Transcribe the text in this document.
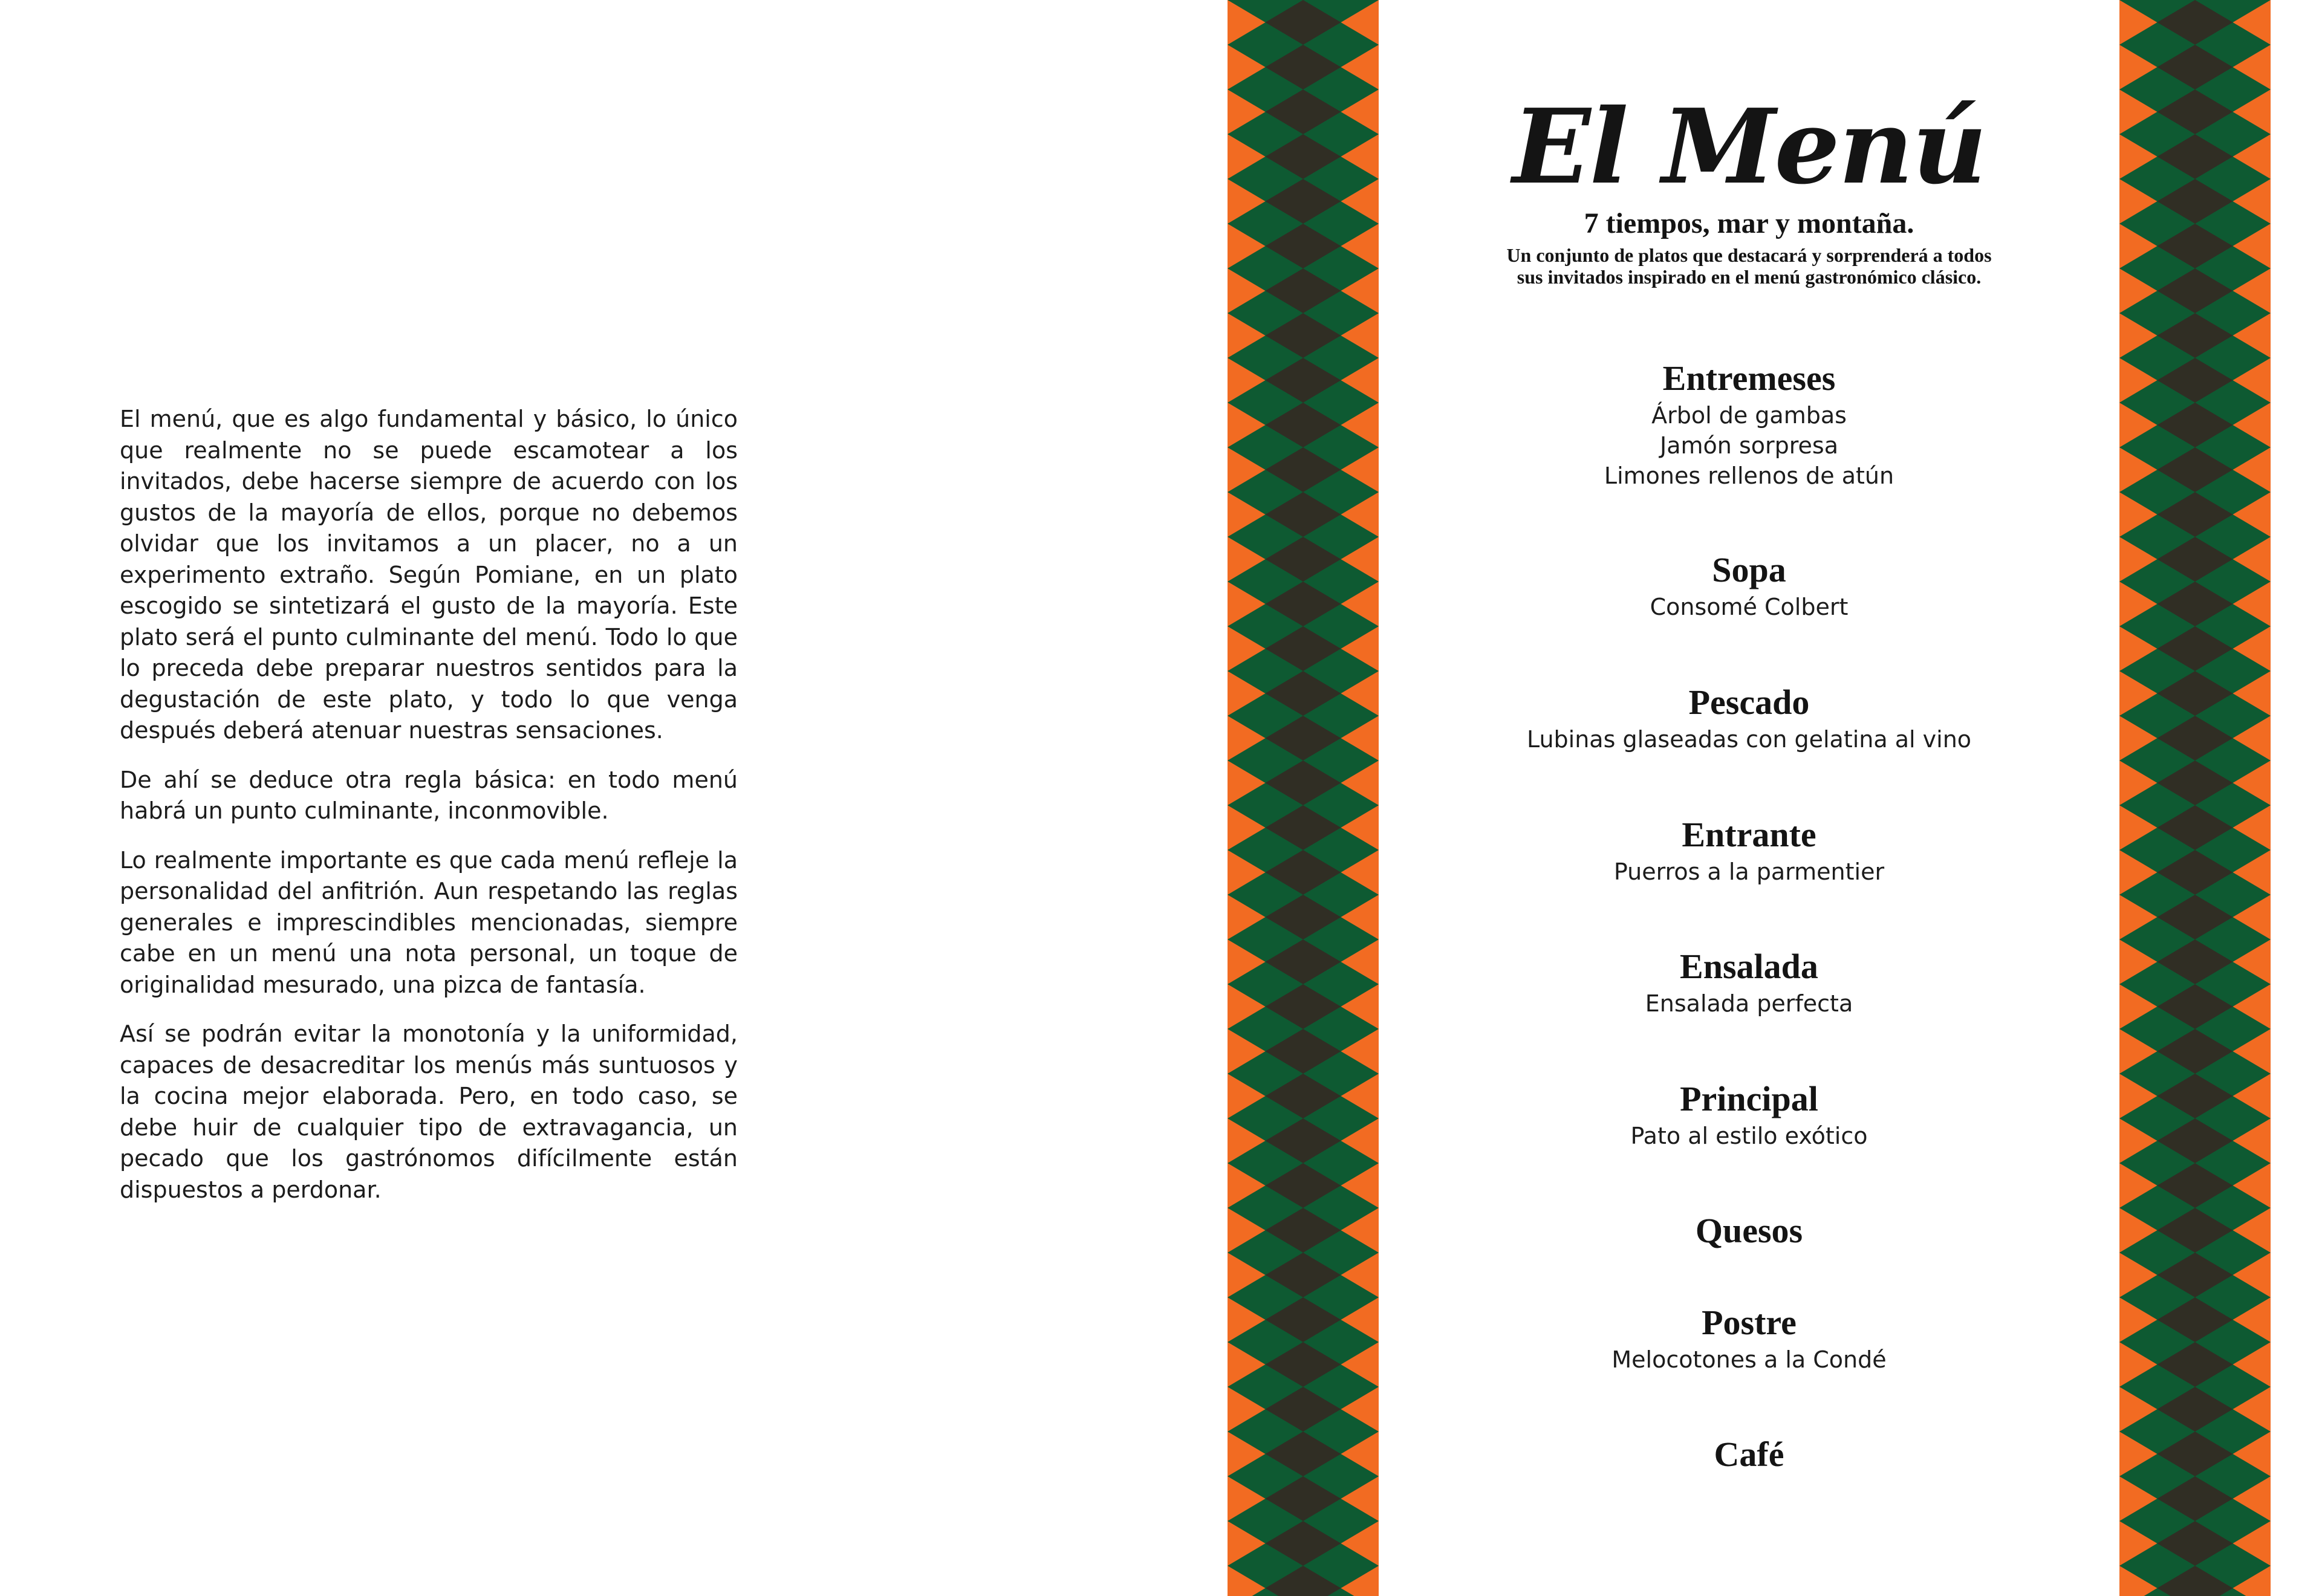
El menú, que es algo fundamental y básico, lo único que realmente no se puede escamotear a los invitados, debe hacerse siempre de acuerdo con los gustos de la mayoría de ellos, porque no debemos olvidar que los invitamos a un placer, no a un experimento extraño. Según Pomiane, en un plato escogido se sintetizará el gusto de la mayoría. Este plato será el punto culminante del menú. Todo lo que lo preceda debe preparar nuestros sentidos para la degustación de este plato, y todo lo que venga después deberá atenuar nuestras sensaciones.

De ahí se deduce otra regla básica: en todo menú habrá un punto culminante, inconmovible.

Lo realmente importante es que cada menú refleje la personalidad del anfitrión. Aun respetando las reglas generales e imprescindibles mencionadas, siempre cabe en un menú una nota personal, un toque de originalidad mesurado, una pizca de fantasía.

Así se podrán evitar la monotonía y la uniformidad, capaces de desacreditar los menús más suntuosos y la cocina mejor elaborada. Pero, en todo caso, se debe huir de cualquier tipo de extravagancia, un pecado que los gastrónomos difícilmente están dispuestos a perdonar.

El Menú
7 tiempos, mar y montaña.
Un conjunto de platos que destacará y sorprenderá a todos
sus invitados inspirado en el menú gastronómico clásico.
Entremeses
Árbol de gambas
Jamón sorpresa
Limones rellenos de atún
Sopa
Consomé Colbert
Pescado
Lubinas glaseadas con gelatina al vino
Entrante
Puerros a la parmentier
Ensalada
Ensalada perfecta
Principal
Pato al estilo exótico
Quesos
Postre
Melocotones a la Condé
Café
